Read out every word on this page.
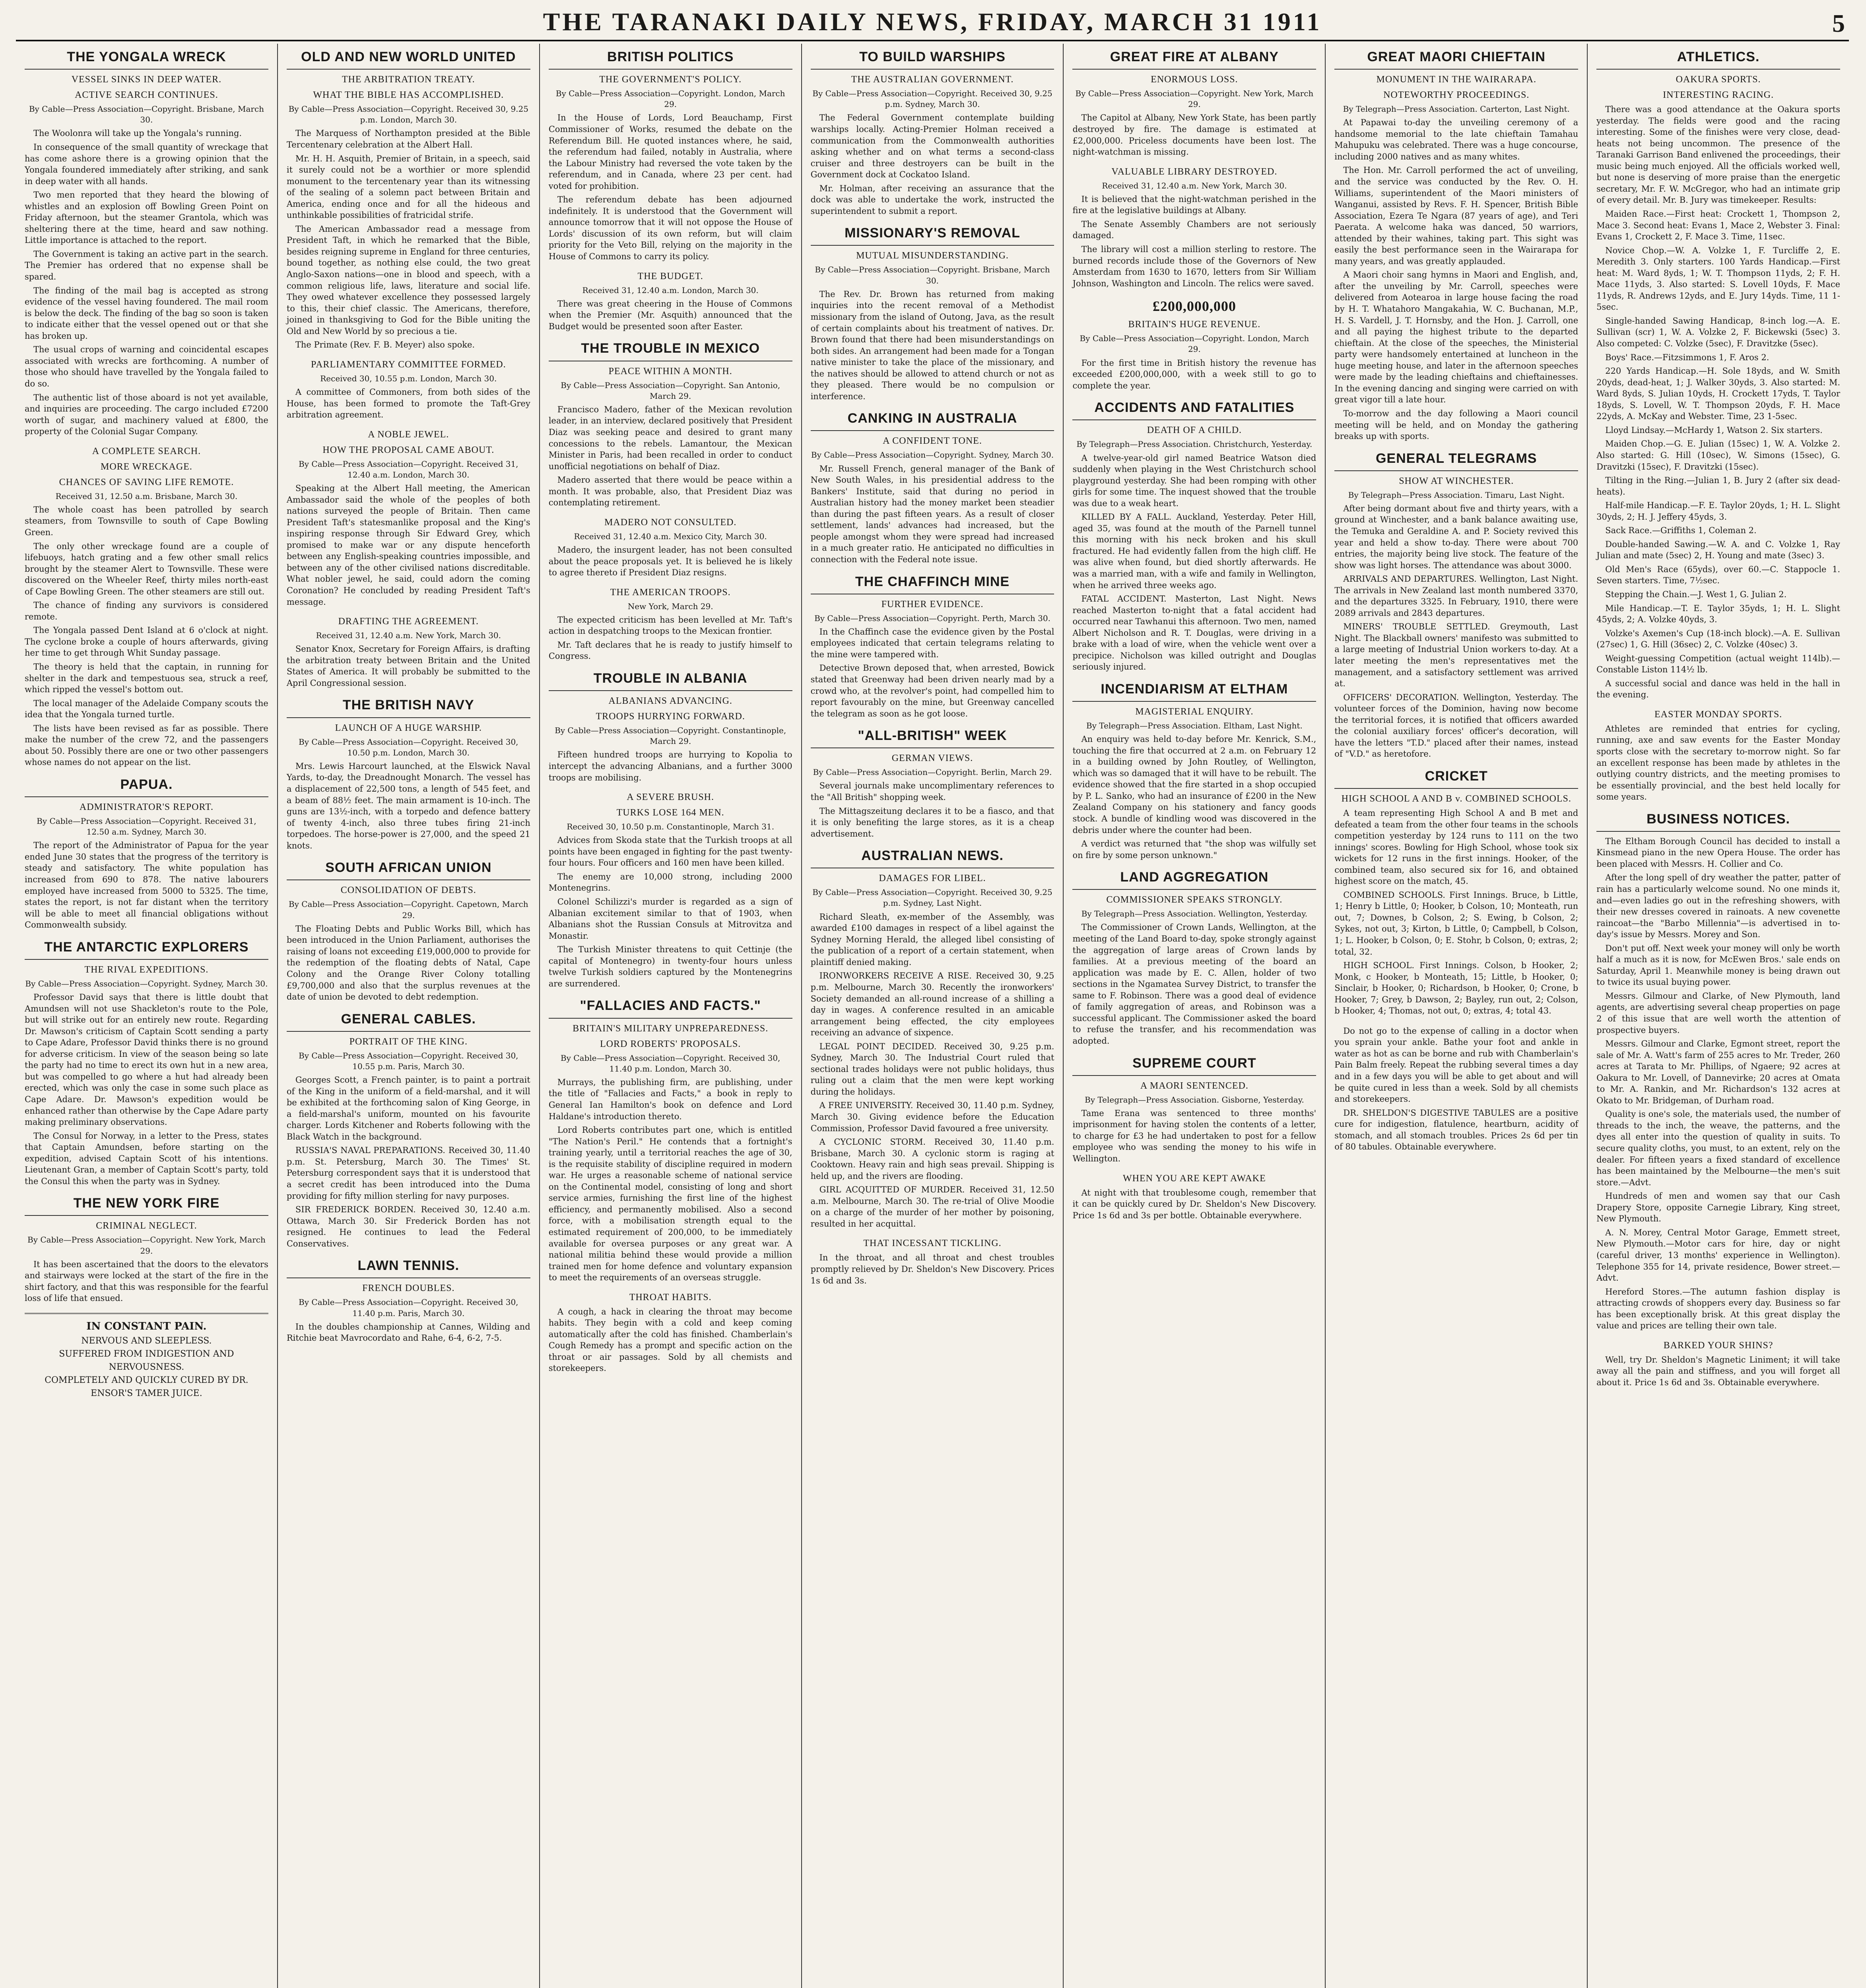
THE TARANAKI DAILY NEWS, FRIDAY, MARCH 31 1911	5
THE YONGALA WRECK
VESSEL SINKS IN DEEP WATER.
ACTIVE SEARCH CONTINUES.

By Cable—Press Association—Copyright. Brisbane, March 30.

The Woolonra will take up the Yongala's running.

In consequence of the small quantity of wreckage that has come ashore there is a growing opinion that the Yongala foundered immediately after striking, and sank in deep water with all hands.

Two men reported that they heard the blowing of whistles and an explosion off Bowling Green Point on Friday afternoon, but the steamer Grantola, which was sheltering there at the time, heard and saw nothing. Little importance is attached to the report.

The Government is taking an active part in the search. The Premier has ordered that no expense shall be spared.

The finding of the mail bag is accepted as strong evidence of the vessel having foundered. The mail room is below the deck. The finding of the bag so soon is taken to indicate either that the vessel opened out or that she has broken up.

The usual crops of warning and coincidental escapes associated with wrecks are forthcoming. A number of those who should have travelled by the Yongala failed to do so.

The authentic list of those aboard is not yet available, and inquiries are proceeding. The cargo included £7200 worth of sugar, and machinery valued at £800, the property of the Colonial Sugar Company.

A COMPLETE SEARCH.
MORE WRECKAGE.
CHANCES OF SAVING LIFE REMOTE.

Received 31, 12.50 a.m. Brisbane, March 30.

The whole coast has been patrolled by search steamers, from Townsville to south of Cape Bowling Green.

The only other wreckage found are a couple of lifebuoys, hatch grating and a few other small relics brought by the steamer Alert to Townsville. These were discovered on the Wheeler Reef, thirty miles north-east of Cape Bowling Green. The other steamers are still out.

The chance of finding any survivors is considered remote.

The Yongala passed Dent Island at 6 o'clock at night. The cyclone broke a couple of hours afterwards, giving her time to get through Whit Sunday passage.

The theory is held that the captain, in running for shelter in the dark and tempestuous sea, struck a reef, which ripped the vessel's bottom out.

The local manager of the Adelaide Company scouts the idea that the Yongala turned turtle.

The lists have been revised as far as possible. There make the number of the crew 72, and the passengers about 50. Possibly there are one or two other passengers whose names do not appear on the list.

PAPUA.
ADMINISTRATOR'S REPORT.

By Cable—Press Association—Copyright. Received 31, 12.50 a.m. Sydney, March 30.

The report of the Administrator of Papua for the year ended June 30 states that the progress of the territory is steady and satisfactory. The white population has increased from 690 to 878. The native labourers employed have increased from 5000 to 5325. The time, states the report, is not far distant when the territory will be able to meet all financial obligations without Commonwealth subsidy.

THE ANTARCTIC EXPLORERS
THE RIVAL EXPEDITIONS.

By Cable—Press Association—Copyright. Sydney, March 30.

Professor David says that there is little doubt that Amundsen will not use Shackleton's route to the Pole, but will strike out for an entirely new route. Regarding Dr. Mawson's criticism of Captain Scott sending a party to Cape Adare, Professor David thinks there is no ground for adverse criticism. In view of the season being so late the party had no time to erect its own hut in a new area, but was compelled to go where a hut had already been erected, which was only the case in some such place as Cape Adare. Dr. Mawson's expedition would be enhanced rather than otherwise by the Cape Adare party making preliminary observations.

The Consul for Norway, in a letter to the Press, states that Captain Amundsen, before starting on the expedition, advised Captain Scott of his intentions. Lieutenant Gran, a member of Captain Scott's party, told the Consul this when the party was in Sydney.

THE NEW YORK FIRE
CRIMINAL NEGLECT.

By Cable—Press Association—Copyright. New York, March 29.

It has been ascertained that the doors to the elevators and stairways were locked at the start of the fire in the shirt factory, and that this was responsible for the fearful loss of life that ensued.

IN CONSTANT PAIN.

NERVOUS AND SLEEPLESS.

SUFFERED FROM INDIGESTION AND NERVOUSNESS.

COMPLETELY AND QUICKLY CURED BY DR. ENSOR'S TAMER JUICE.

OLD AND NEW WORLD UNITED
THE ARBITRATION TREATY.
WHAT THE BIBLE HAS ACCOMPLISHED.

By Cable—Press Association—Copyright. Received 30, 9.25 p.m. London, March 30.

The Marquess of Northampton presided at the Bible Tercentenary celebration at the Albert Hall.

Mr. H. H. Asquith, Premier of Britain, in a speech, said it surely could not be a worthier or more splendid monument to the tercentenary year than its witnessing of the sealing of a solemn pact between Britain and America, ending once and for all the hideous and unthinkable possibilities of fratricidal strife.

The American Ambassador read a message from President Taft, in which he remarked that the Bible, besides reigning supreme in England for three centuries, bound together, as nothing else could, the two great Anglo-Saxon nations—one in blood and speech, with a common religious life, laws, literature and social life. They owed whatever excellence they possessed largely to this, their chief classic. The Americans, therefore, joined in thanksgiving to God for the Bible uniting the Old and New World by so precious a tie.

The Primate (Rev. F. B. Meyer) also spoke.

PARLIAMENTARY COMMITTEE FORMED.

Received 30, 10.55 p.m. London, March 30.

A committee of Commoners, from both sides of the House, has been formed to promote the Taft-Grey arbitration agreement.

A NOBLE JEWEL.
HOW THE PROPOSAL CAME ABOUT.

By Cable—Press Association—Copyright. Received 31, 12.40 a.m. London, March 30.

Speaking at the Albert Hall meeting, the American Ambassador said the whole of the peoples of both nations surveyed the people of Britain. Then came President Taft's statesmanlike proposal and the King's inspiring response through Sir Edward Grey, which promised to make war or any dispute henceforth between any English-speaking countries impossible, and between any of the other civilised nations discreditable. What nobler jewel, he said, could adorn the coming Coronation? He concluded by reading President Taft's message.

DRAFTING THE AGREEMENT.

Received 31, 12.40 a.m. New York, March 30.

Senator Knox, Secretary for Foreign Affairs, is drafting the arbitration treaty between Britain and the United States of America. It will probably be submitted to the April Congressional session.

THE BRITISH NAVY
LAUNCH OF A HUGE WARSHIP.

By Cable—Press Association—Copyright. Received 30, 10.50 p.m. London, March 30.

Mrs. Lewis Harcourt launched, at the Elswick Naval Yards, to-day, the Dreadnought Monarch. The vessel has a displacement of 22,500 tons, a length of 545 feet, and a beam of 88½ feet. The main armament is 10-inch. The guns are 13½-inch, with a torpedo and defence battery of twenty 4-inch, also three tubes firing 21-inch torpedoes. The horse-power is 27,000, and the speed 21 knots.

SOUTH AFRICAN UNION
CONSOLIDATION OF DEBTS.

By Cable—Press Association—Copyright. Capetown, March 29.

The Floating Debts and Public Works Bill, which has been introduced in the Union Parliament, authorises the raising of loans not exceeding £19,000,000 to provide for the redemption of the floating debts of Natal, Cape Colony and the Orange River Colony totalling £9,700,000 and also that the surplus revenues at the date of union be devoted to debt redemption.

GENERAL CABLES.
PORTRAIT OF THE KING.

By Cable—Press Association—Copyright. Received 30, 10.55 p.m. Paris, March 30.

Georges Scott, a French painter, is to paint a portrait of the King in the uniform of a field-marshal, and it will be exhibited at the forthcoming salon of King George, in a field-marshal's uniform, mounted on his favourite charger. Lords Kitchener and Roberts following with the Black Watch in the background.

RUSSIA'S NAVAL PREPARATIONS. Received 30, 11.40 p.m. St. Petersburg, March 30. The Times' St. Petersburg correspondent says that it is understood that a secret credit has been introduced into the Duma providing for fifty million sterling for navy purposes.

SIR FREDERICK BORDEN. Received 30, 12.40 a.m. Ottawa, March 30. Sir Frederick Borden has not resigned. He continues to lead the Federal Conservatives.

LAWN TENNIS.
FRENCH DOUBLES.

By Cable—Press Association—Copyright. Received 30, 11.40 p.m. Paris, March 30.

In the doubles championship at Cannes, Wilding and Ritchie beat Mavrocordato and Rahe, 6-4, 6-2, 7-5.

BRITISH POLITICS
THE GOVERNMENT'S POLICY.

By Cable—Press Association—Copyright. London, March 29.

In the House of Lords, Lord Beauchamp, First Commissioner of Works, resumed the debate on the Referendum Bill. He quoted instances where, he said, the referendum had failed, notably in Australia, where the Labour Ministry had reversed the vote taken by the referendum, and in Canada, where 23 per cent. had voted for prohibition.

The referendum debate has been adjourned indefinitely. It is understood that the Government will announce tomorrow that it will not oppose the House of Lords' discussion of its own reform, but will claim priority for the Veto Bill, relying on the majority in the House of Commons to carry its policy.

THE BUDGET.

Received 31, 12.40 a.m. London, March 30.

There was great cheering in the House of Commons when the Premier (Mr. Asquith) announced that the Budget would be presented soon after Easter.

THE TROUBLE IN MEXICO
PEACE WITHIN A MONTH.

By Cable—Press Association—Copyright. San Antonio, March 29.

Francisco Madero, father of the Mexican revolution leader, in an interview, declared positively that President Diaz was seeking peace and desired to grant many concessions to the rebels. Lamantour, the Mexican Minister in Paris, had been recalled in order to conduct unofficial negotiations on behalf of Diaz.

Madero asserted that there would be peace within a month. It was probable, also, that President Diaz was contemplating retirement.

MADERO NOT CONSULTED.

Received 31, 12.40 a.m. Mexico City, March 30.

Madero, the insurgent leader, has not been consulted about the peace proposals yet. It is believed he is likely to agree thereto if President Diaz resigns.

THE AMERICAN TROOPS.

New York, March 29.

The expected criticism has been levelled at Mr. Taft's action in despatching troops to the Mexican frontier.

Mr. Taft declares that he is ready to justify himself to Congress.

TROUBLE IN ALBANIA
ALBANIANS ADVANCING.
TROOPS HURRYING FORWARD.

By Cable—Press Association—Copyright. Constantinople, March 29.

Fifteen hundred troops are hurrying to Kopolia to intercept the advancing Albanians, and a further 3000 troops are mobilising.

A SEVERE BRUSH.
TURKS LOSE 164 MEN.

Received 30, 10.50 p.m. Constantinople, March 31.

Advices from Skoda state that the Turkish troops at all points have been engaged in fighting for the past twenty-four hours. Four officers and 160 men have been killed.

The enemy are 10,000 strong, including 2000 Montenegrins.

Colonel Schilizzi's murder is regarded as a sign of Albanian excitement similar to that of 1903, when Albanians shot the Russian Consuls at Mitrovitza and Monastir.

The Turkish Minister threatens to quit Cettinje (the capital of Montenegro) in twenty-four hours unless twelve Turkish soldiers captured by the Montenegrins are surrendered.

"FALLACIES AND FACTS."
BRITAIN'S MILITARY UNPREPAREDNESS.
LORD ROBERTS' PROPOSALS.

By Cable—Press Association—Copyright. Received 30, 11.40 p.m. London, March 30.

Murrays, the publishing firm, are publishing, under the title of "Fallacies and Facts," a book in reply to General Ian Hamilton's book on defence and Lord Haldane's introduction thereto.

Lord Roberts contributes part one, which is entitled "The Nation's Peril." He contends that a fortnight's training yearly, until a territorial reaches the age of 30, is the requisite stability of discipline required in modern war. He urges a reasonable scheme of national service on the Continental model, consisting of long and short service armies, furnishing the first line of the highest efficiency, and permanently mobilised. Also a second force, with a mobilisation strength equal to the estimated requirement of 200,000, to be immediately available for oversea purposes or any great war. A national militia behind these would provide a million trained men for home defence and voluntary expansion to meet the requirements of an overseas struggle.

THROAT HABITS.

A cough, a hack in clearing the throat may become habits. They begin with a cold and keep coming automatically after the cold has finished. Chamberlain's Cough Remedy has a prompt and specific action on the throat or air passages. Sold by all chemists and storekeepers.

TO BUILD WARSHIPS
THE AUSTRALIAN GOVERNMENT.

By Cable—Press Association—Copyright. Received 30, 9.25 p.m. Sydney, March 30.

The Federal Government contemplate building warships locally. Acting-Premier Holman received a communication from the Commonwealth authorities asking whether and on what terms a second-class cruiser and three destroyers can be built in the Government dock at Cockatoo Island.

Mr. Holman, after receiving an assurance that the dock was able to undertake the work, instructed the superintendent to submit a report.

MISSIONARY'S REMOVAL
MUTUAL MISUNDERSTANDING.

By Cable—Press Association—Copyright. Brisbane, March 30.

The Rev. Dr. Brown has returned from making inquiries into the recent removal of a Methodist missionary from the island of Outong, Java, as the result of certain complaints about his treatment of natives. Dr. Brown found that there had been misunderstandings on both sides. An arrangement had been made for a Tongan native minister to take the place of the missionary, and the natives should be allowed to attend church or not as they pleased. There would be no compulsion or interference.

CANKING IN AUSTRALIA
A CONFIDENT TONE.

By Cable—Press Association—Copyright. Sydney, March 30.

Mr. Russell French, general manager of the Bank of New South Wales, in his presidential address to the Bankers' Institute, said that during no period in Australian history had the money market been steadier than during the past fifteen years. As a result of closer settlement, lands' advances had increased, but the people amongst whom they were spread had increased in a much greater ratio. He anticipated no difficulties in connection with the Federal note issue.

THE CHAFFINCH MINE
FURTHER EVIDENCE.

By Cable—Press Association—Copyright. Perth, March 30.

In the Chaffinch case the evidence given by the Postal employees indicated that certain telegrams relating to the mine were tampered with.

Detective Brown deposed that, when arrested, Bowick stated that Greenway had been driven nearly mad by a crowd who, at the revolver's point, had compelled him to report favourably on the mine, but Greenway cancelled the telegram as soon as he got loose.

"ALL-BRITISH" WEEK
GERMAN VIEWS.

By Cable—Press Association—Copyright. Berlin, March 29.

Several journals make uncomplimentary references to the "All British" shopping week.

The Mittagszeitung declares it to be a fiasco, and that it is only benefiting the large stores, as it is a cheap advertisement.

AUSTRALIAN NEWS.
DAMAGES FOR LIBEL.

By Cable—Press Association—Copyright. Received 30, 9.25 p.m. Sydney, Last Night.

Richard Sleath, ex-member of the Assembly, was awarded £100 damages in respect of a libel against the Sydney Morning Herald, the alleged libel consisting of the publication of a report of a certain statement, when plaintiff denied making.

IRONWORKERS RECEIVE A RISE. Received 30, 9.25 p.m. Melbourne, March 30. Recently the ironworkers' Society demanded an all-round increase of a shilling a day in wages. A conference resulted in an amicable arrangement being effected, the city employees receiving an advance of sixpence.

LEGAL POINT DECIDED. Received 30, 9.25 p.m. Sydney, March 30. The Industrial Court ruled that sectional trades holidays were not public holidays, thus ruling out a claim that the men were kept working during the holidays.

A FREE UNIVERSITY. Received 30, 11.40 p.m. Sydney, March 30. Giving evidence before the Education Commission, Professor David favoured a free university.

A CYCLONIC STORM. Received 30, 11.40 p.m. Brisbane, March 30. A cyclonic storm is raging at Cooktown. Heavy rain and high seas prevail. Shipping is held up, and the rivers are flooding.

GIRL ACQUITTED OF MURDER. Received 31, 12.50 a.m. Melbourne, March 30. The re-trial of Olive Moodie on a charge of the murder of her mother by poisoning, resulted in her acquittal.

THAT INCESSANT TICKLING.

In the throat, and all throat and chest troubles promptly relieved by Dr. Sheldon's New Discovery. Prices 1s 6d and 3s.

GREAT FIRE AT ALBANY
ENORMOUS LOSS.

By Cable—Press Association—Copyright. New York, March 29.

The Capitol at Albany, New York State, has been partly destroyed by fire. The damage is estimated at £2,000,000. Priceless documents have been lost. The night-watchman is missing.

VALUABLE LIBRARY DESTROYED.

Received 31, 12.40 a.m. New York, March 30.

It is believed that the night-watchman perished in the fire at the legislative buildings at Albany.

The Senate Assembly Chambers are not seriously damaged.

The library will cost a million sterling to restore. The burned records include those of the Governors of New Amsterdam from 1630 to 1670, letters from Sir William Johnson, Washington and Lincoln. The relics were saved.

£200,000,000
BRITAIN'S HUGE REVENUE.

By Cable—Press Association—Copyright. London, March 29.

For the first time in British history the revenue has exceeded £200,000,000, with a week still to go to complete the year.

ACCIDENTS AND FATALITIES
DEATH OF A CHILD.

By Telegraph—Press Association. Christchurch, Yesterday.

A twelve-year-old girl named Beatrice Watson died suddenly when playing in the West Christchurch school playground yesterday. She had been romping with other girls for some time. The inquest showed that the trouble was due to a weak heart.

KILLED BY A FALL. Auckland, Yesterday. Peter Hill, aged 35, was found at the mouth of the Parnell tunnel this morning with his neck broken and his skull fractured. He had evidently fallen from the high cliff. He was alive when found, but died shortly afterwards. He was a married man, with a wife and family in Wellington, when he arrived three weeks ago.

FATAL ACCIDENT. Masterton, Last Night. News reached Masterton to-night that a fatal accident had occurred near Tawhanui this afternoon. Two men, named Albert Nicholson and R. T. Douglas, were driving in a brake with a load of wire, when the vehicle went over a precipice. Nicholson was killed outright and Douglas seriously injured.

INCENDIARISM AT ELTHAM
MAGISTERIAL ENQUIRY.

By Telegraph—Press Association. Eltham, Last Night.

An enquiry was held to-day before Mr. Kenrick, S.M., touching the fire that occurred at 2 a.m. on February 12 in a building owned by John Routley, of Wellington, which was so damaged that it will have to be rebuilt. The evidence showed that the fire started in a shop occupied by P. L. Sanko, who had an insurance of £200 in the New Zealand Company on his stationery and fancy goods stock. A bundle of kindling wood was discovered in the debris under where the counter had been.

A verdict was returned that "the shop was wilfully set on fire by some person unknown."

LAND AGGREGATION
COMMISSIONER SPEAKS STRONGLY.

By Telegraph—Press Association. Wellington, Yesterday.

The Commissioner of Crown Lands, Wellington, at the meeting of the Land Board to-day, spoke strongly against the aggregation of large areas of Crown lands by families. At a previous meeting of the board an application was made by E. C. Allen, holder of two sections in the Ngamatea Survey District, to transfer the same to F. Robinson. There was a good deal of evidence of family aggregation of areas, and Robinson was a successful applicant. The Commissioner asked the board to refuse the transfer, and his recommendation was adopted.

SUPREME COURT
A MAORI SENTENCED.

By Telegraph—Press Association. Gisborne, Yesterday.

Tame Erana was sentenced to three months' imprisonment for having stolen the contents of a letter, to charge for £3 he had undertaken to post for a fellow employee who was sending the money to his wife in Wellington.

WHEN YOU ARE KEPT AWAKE

At night with that troublesome cough, remember that it can be quickly cured by Dr. Sheldon's New Discovery. Price 1s 6d and 3s per bottle. Obtainable everywhere.

GREAT MAORI CHIEFTAIN
MONUMENT IN THE WAIRARAPA.
NOTEWORTHY PROCEEDINGS.

By Telegraph—Press Association. Carterton, Last Night.

At Papawai to-day the unveiling ceremony of a handsome memorial to the late chieftain Tamahau Mahupuku was celebrated. There was a huge concourse, including 2000 natives and as many whites.

The Hon. Mr. Carroll performed the act of unveiling, and the service was conducted by the Rev. O. H. Williams, superintendent of the Maori ministers of Wanganui, assisted by Revs. F. H. Spencer, British Bible Association, Ezera Te Ngara (87 years of age), and Teri Paerata. A welcome haka was danced, 50 warriors, attended by their wahines, taking part. This sight was easily the best performance seen in the Wairarapa for many years, and was greatly applauded.

A Maori choir sang hymns in Maori and English, and, after the unveiling by Mr. Carroll, speeches were delivered from Aotearoa in large house facing the road by H. T. Whatahoro Mangakahia, W. C. Buchanan, M.P., H. S. Vardell, J. T. Hornsby, and the Hon. J. Carroll, one and all paying the highest tribute to the departed chieftain. At the close of the speeches, the Ministerial party were handsomely entertained at luncheon in the huge meeting house, and later in the afternoon speeches were made by the leading chieftains and chieftainesses. In the evening dancing and singing were carried on with great vigor till a late hour.

To-morrow and the day following a Maori council meeting will be held, and on Monday the gathering breaks up with sports.

GENERAL TELEGRAMS
SHOW AT WINCHESTER.

By Telegraph—Press Association. Timaru, Last Night.

After being dormant about five and thirty years, with a ground at Winchester, and a bank balance awaiting use, the Temuka and Geraldine A. and P. Society revived this year and held a show to-day. There were about 700 entries, the majority being live stock. The feature of the show was light horses. The attendance was about 3000.

ARRIVALS AND DEPARTURES. Wellington, Last Night. The arrivals in New Zealand last month numbered 3370, and the departures 3325. In February, 1910, there were 2089 arrivals and 2843 departures.

MINERS' TROUBLE SETTLED. Greymouth, Last Night. The Blackball owners' manifesto was submitted to a large meeting of Industrial Union workers to-day. At a later meeting the men's representatives met the management, and a satisfactory settlement was arrived at.

OFFICERS' DECORATION. Wellington, Yesterday. The volunteer forces of the Dominion, having now become the territorial forces, it is notified that officers awarded the colonial auxiliary forces' officer's decoration, will have the letters "T.D." placed after their names, instead of "V.D." as heretofore.

CRICKET
HIGH SCHOOL A AND B v. COMBINED SCHOOLS.

A team representing High School A and B met and defeated a team from the other four teams in the schools competition yesterday by 124 runs to 111 on the two innings' scores. Bowling for High School, whose took six wickets for 12 runs in the first innings. Hooker, of the combined team, also secured six for 16, and obtained highest score on the match, 45.

COMBINED SCHOOLS. First Innings. Bruce, b Little, 1; Henry b Little, 0; Hooker, b Colson, 10; Monteath, run out, 7; Downes, b Colson, 2; S. Ewing, b Colson, 2; Sykes, not out, 3; Kirton, b Little, 0; Campbell, b Colson, 1; L. Hooker, b Colson, 0; E. Stohr, b Colson, 0; extras, 2; total, 32.

HIGH SCHOOL. First Innings. Colson, b Hooker, 2; Monk, c Hooker, b Monteath, 15; Little, b Hooker, 0; Sinclair, b Hooker, 0; Richardson, b Hooker, 0; Crone, b Hooker, 7; Grey, b Dawson, 2; Bayley, run out, 2; Colson, b Hooker, 4; Thomas, not out, 0; extras, 4; total 43.

Do not go to the expense of calling in a doctor when you sprain your ankle. Bathe your foot and ankle in water as hot as can be borne and rub with Chamberlain's Pain Balm freely. Repeat the rubbing several times a day and in a few days you will be able to get about and will be quite cured in less than a week. Sold by all chemists and storekeepers.

DR. SHELDON'S DIGESTIVE TABULES are a positive cure for indigestion, flatulence, heartburn, acidity of stomach, and all stomach troubles. Prices 2s 6d per tin of 80 tabules. Obtainable everywhere.

ATHLETICS.
OAKURA SPORTS.
INTERESTING RACING.

There was a good attendance at the Oakura sports yesterday. The fields were good and the racing interesting. Some of the finishes were very close, dead-heats not being uncommon. The presence of the Taranaki Garrison Band enlivened the proceedings, their music being much enjoyed. All the officials worked well, but none is deserving of more praise than the energetic secretary, Mr. F. W. McGregor, who had an intimate grip of every detail. Mr. B. Jury was timekeeper. Results:

Maiden Race.—First heat: Crockett 1, Thompson 2, Mace 3. Second heat: Evans 1, Mace 2, Webster 3. Final: Evans 1, Crockett 2, F. Mace 3. Time, 11sec.

Novice Chop.—W. A. Volzke 1, F. Turcliffe 2, E. Meredith 3. Only starters. 100 Yards Handicap.—First heat: M. Ward 8yds, 1; W. T. Thompson 11yds, 2; F. H. Mace 11yds, 3. Also started: S. Lovell 10yds, F. Mace 11yds, R. Andrews 12yds, and E. Jury 14yds. Time, 11 1-5sec.

Single-handed Sawing Handicap, 8-inch log.—A. E. Sullivan (scr) 1, W. A. Volzke 2, F. Bickewski (5sec) 3. Also competed: C. Volzke (5sec), F. Dravitzke (5sec).

Boys' Race.—Fitzsimmons 1, F. Aros 2.

220 Yards Handicap.—H. Sole 18yds, and W. Smith 20yds, dead-heat, 1; J. Walker 30yds, 3. Also started: M. Ward 8yds, S. Julian 10yds, H. Crockett 17yds, T. Taylor 18yds, S. Lovell, W. T. Thompson 20yds, F. H. Mace 22yds, A. McKay and Webster. Time, 23 1-5sec.

Lloyd Lindsay.—McHardy 1, Watson 2. Six starters.

Maiden Chop.—G. E. Julian (15sec) 1, W. A. Volzke 2. Also started: G. Hill (10sec), W. Simons (15sec), G. Dravitzki (15sec), F. Dravitzki (15sec).

Tilting in the Ring.—Julian 1, B. Jury 2 (after six dead-heats).

Half-mile Handicap.—F. E. Taylor 20yds, 1; H. L. Slight 30yds, 2; H. J. Jeffery 45yds, 3.

Sack Race.—Griffiths 1, Coleman 2.

Double-handed Sawing.—W. A. and C. Volzke 1, Ray Julian and mate (5sec) 2, H. Young and mate (3sec) 3.

Old Men's Race (65yds), over 60.—C. Stappocle 1. Seven starters. Time, 7½sec.

Stepping the Chain.—J. West 1, G. Julian 2.

Mile Handicap.—T. E. Taylor 35yds, 1; H. L. Slight 45yds, 2; A. Volzke 40yds, 3.

Volzke's Axemen's Cup (18-inch block).—A. E. Sullivan (27sec) 1, G. Hill (36sec) 2, C. Volzke (40sec) 3.

Weight-guessing Competition (actual weight 114lb).—Constable Liston 114½ lb.

A successful social and dance was held in the hall in the evening.

EASTER MONDAY SPORTS.

Athletes are reminded that entries for cycling, running, axe and saw events for the Easter Monday sports close with the secretary to-morrow night. So far an excellent response has been made by athletes in the outlying country districts, and the meeting promises to be essentially provincial, and the best held locally for some years.

BUSINESS NOTICES.

The Eltham Borough Council has decided to install a Kinsmead piano in the new Opera House. The order has been placed with Messrs. H. Collier and Co.

After the long spell of dry weather the patter, patter of rain has a particularly welcome sound. No one minds it, and—even ladies go out in the refreshing showers, with their new dresses covered in rainoats. A new covenette raincoat—the "Barbo Millennia"—is advertised in to-day's issue by Messrs. Morey and Son.

Don't put off. Next week your money will only be worth half a much as it is now, for McEwen Bros.' sale ends on Saturday, April 1. Meanwhile money is being drawn out to twice its usual buying power.

Messrs. Gilmour and Clarke, of New Plymouth, land agents, are advertising several cheap properties on page 2 of this issue that are well worth the attention of prospective buyers.

Messrs. Gilmour and Clarke, Egmont street, report the sale of Mr. A. Watt's farm of 255 acres to Mr. Treder, 260 acres at Tarata to Mr. Phillips, of Ngaere; 92 acres at Oakura to Mr. Lovell, of Dannevirke; 20 acres at Omata to Mr. A. Rankin, and Mr. Richardson's 132 acres at Okato to Mr. Bridgeman, of Durham road.

Quality is one's sole, the materials used, the number of threads to the inch, the weave, the patterns, and the dyes all enter into the question of quality in suits. To secure quality cloths, you must, to an extent, rely on the dealer. For fifteen years a fixed standard of excellence has been maintained by the Melbourne—the men's suit store.—Advt.

Hundreds of men and women say that our Cash Drapery Store, opposite Carnegie Library, King street, New Plymouth.

A. N. Morey, Central Motor Garage, Emmett street, New Plymouth.—Motor cars for hire, day or night (careful driver, 13 months' experience in Wellington). Telephone 355 for 14, private residence, Bower street.—Advt.

Hereford Stores.—The autumn fashion display is attracting crowds of shoppers every day. Business so far has been exceptionally brisk. At this great display the value and prices are telling their own tale.

BARKED YOUR SHINS?

Well, try Dr. Sheldon's Magnetic Liniment; it will take away all the pain and stiffness, and you will forget all about it. Price 1s 6d and 3s. Obtainable everywhere.
